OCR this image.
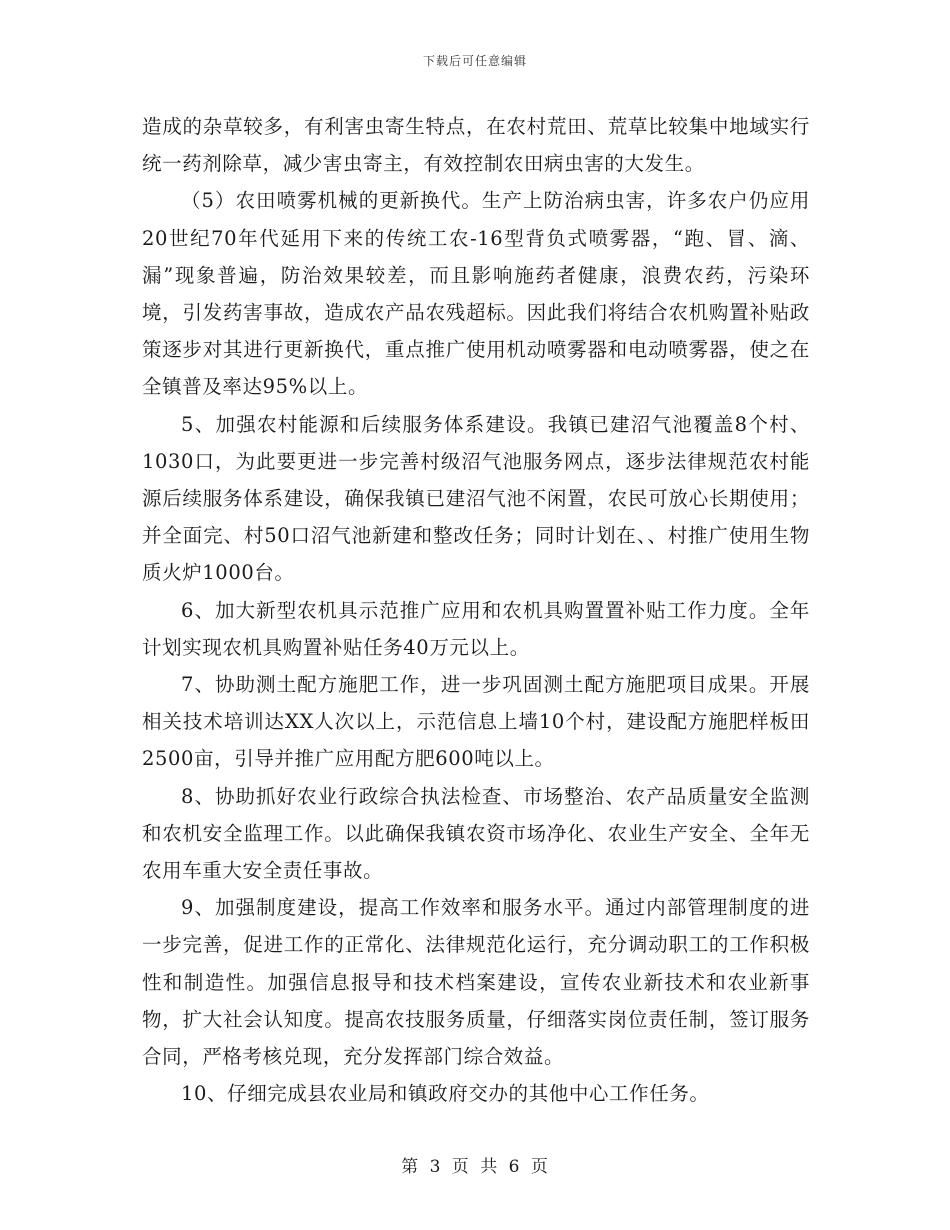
下载后可任意编辑

造成的杂草较多，有利害虫寄生特点，在农村荒田、荒草比较集中地域实行统一药剂除草，减少害虫寄主，有效控制农田病虫害的大发生。

（5）农田喷雾机械的更新换代。生产上防治病虫害，许多农户仍应用20世纪70年代延用下来的传统工农-16型背负式喷雾器，“跑、冒、滴、漏”现象普遍，防治效果较差，而且影响施药者健康，浪费农药，污染环境，引发药害事故，造成农产品农残超标。因此我们将结合农机购置补贴政策逐步对其进行更新换代，重点推广使用机动喷雾器和电动喷雾器，使之在全镇普及率达95%以上。

5、加强农村能源和后续服务体系建设。我镇已建沼气池覆盖8个村、1030口，为此要更进一步完善村级沼气池服务网点，逐步法律规范农村能源后续服务体系建设，确保我镇已建沼气池不闲置，农民可放心长期使用；并全面完、村50口沼气池新建和整改任务；同时计划在、、村推广使用生物质火炉1000台。

6、加大新型农机具示范推广应用和农机具购置置补贴工作力度。全年计划实现农机具购置补贴任务40万元以上。

7、协助测土配方施肥工作，进一步巩固测土配方施肥项目成果。开展相关技术培训达XX人次以上，示范信息上墙10个村，建设配方施肥样板田2500亩，引导并推广应用配方肥600吨以上。

8、协助抓好农业行政综合执法检查、市场整治、农产品质量安全监测和农机安全监理工作。以此确保我镇农资市场净化、农业生产安全、全年无农用车重大安全责任事故。

9、加强制度建设，提高工作效率和服务水平。通过内部管理制度的进一步完善，促进工作的正常化、法律规范化运行，充分调动职工的工作积极性和制造性。加强信息报导和技术档案建设，宣传农业新技术和农业新事物，扩大社会认知度。提高农技服务质量，仔细落实岗位责任制，签订服务合同，严格考核兑现，充分发挥部门综合效益。

10、仔细完成县农业局和镇政府交办的其他中心工作任务。

第 3 页 共 6 页
